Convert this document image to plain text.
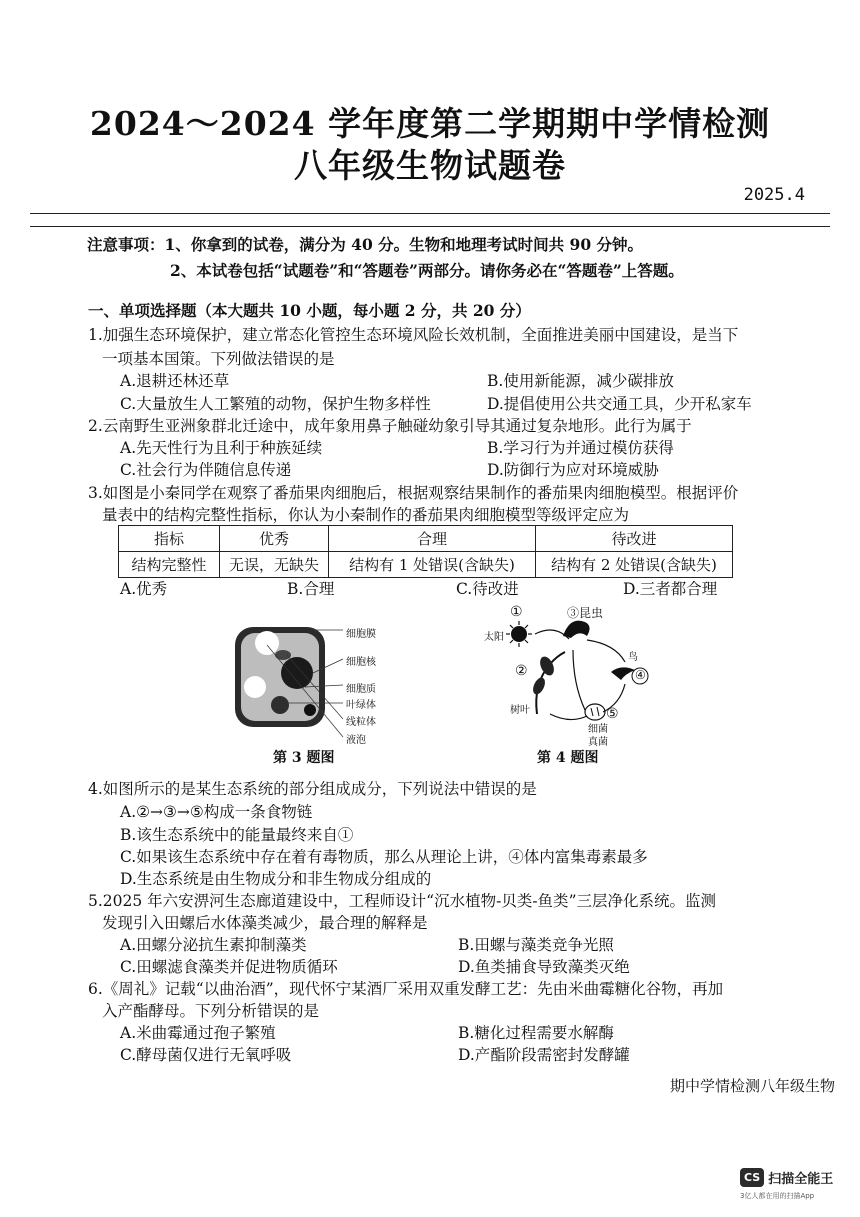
2024～2024 学年度第二学期期中学情检测
八年级生物试题卷
2025.4
注意事项：1、你拿到的试卷，满分为 40 分。生物和地理考试时间共 90 分钟。
2、本试卷包括“试题卷”和“答题卷”两部分。请你务必在“答题卷”上答题。
一、单项选择题（本大题共 10 小题，每小题 2 分，共 20 分）
1.加强生态环境保护，建立常态化管控生态环境风险长效机制，全面推进美丽中国建设，是当下
一项基本国策。下列做法错误的是
A.退耕还林还草	B.使用新能源，减少碳排放
C.大量放生人工繁殖的动物，保护生物多样性	D.提倡使用公共交通工具，少开私家车
2.云南野生亚洲象群北迁途中，成年象用鼻子触碰幼象引导其通过复杂地形。此行为属于
A.先天性行为且利于种族延续	B.学习行为并通过模仿获得
C.社会行为伴随信息传递	D.防御行为应对环境威胁
3.如图是小秦同学在观察了番茄果肉细胞后，根据观察结果制作的番茄果肉细胞模型。根据评价
量表中的结构完整性指标，你认为小秦制作的番茄果肉细胞模型等级评定应为
指标	优秀	合理	待改进
结构完整性	无误，无缺失	结构有 1 处错误(含缺失)	结构有 2 处错误(含缺失)
A.优秀	B.合理	C.待改进	D.三者都合理
细胞膜
细胞核
细胞质
叶绿体
线粒体
液泡
第 3 题图
①	③昆虫
太阳
鸟
④
②
树叶	⑤
细菌
真菌
第 4 题图
4.如图所示的是某生态系统的部分组成成分，下列说法中错误的是
A.②→③→⑤构成一条食物链
B.该生态系统中的能量最终来自①
C.如果该生态系统中存在着有毒物质，那么从理论上讲，④体内富集毒素最多
D.生态系统是由生物成分和非生物成分组成的
5.2025 年六安淠河生态廊道建设中，工程师设计“沉水植物-贝类-鱼类”三层净化系统。监测
发现引入田螺后水体藻类减少，最合理的解释是
A.田螺分泌抗生素抑制藻类	B.田螺与藻类竞争光照
C.田螺滤食藻类并促进物质循环	D.鱼类捕食导致藻类灭绝
6.《周礼》记载“以曲治酒”，现代怀宁某酒厂采用双重发酵工艺：先由米曲霉糖化谷物，再加
入产酯酵母。下列分析错误的是
A.米曲霉通过孢子繁殖	B.糖化过程需要水解酶
C.酵母菌仅进行无氧呼吸	D.产酯阶段需密封发酵罐
期中学情检测八年级生物
CS 扫描全能王
3亿人都在用的扫描App
